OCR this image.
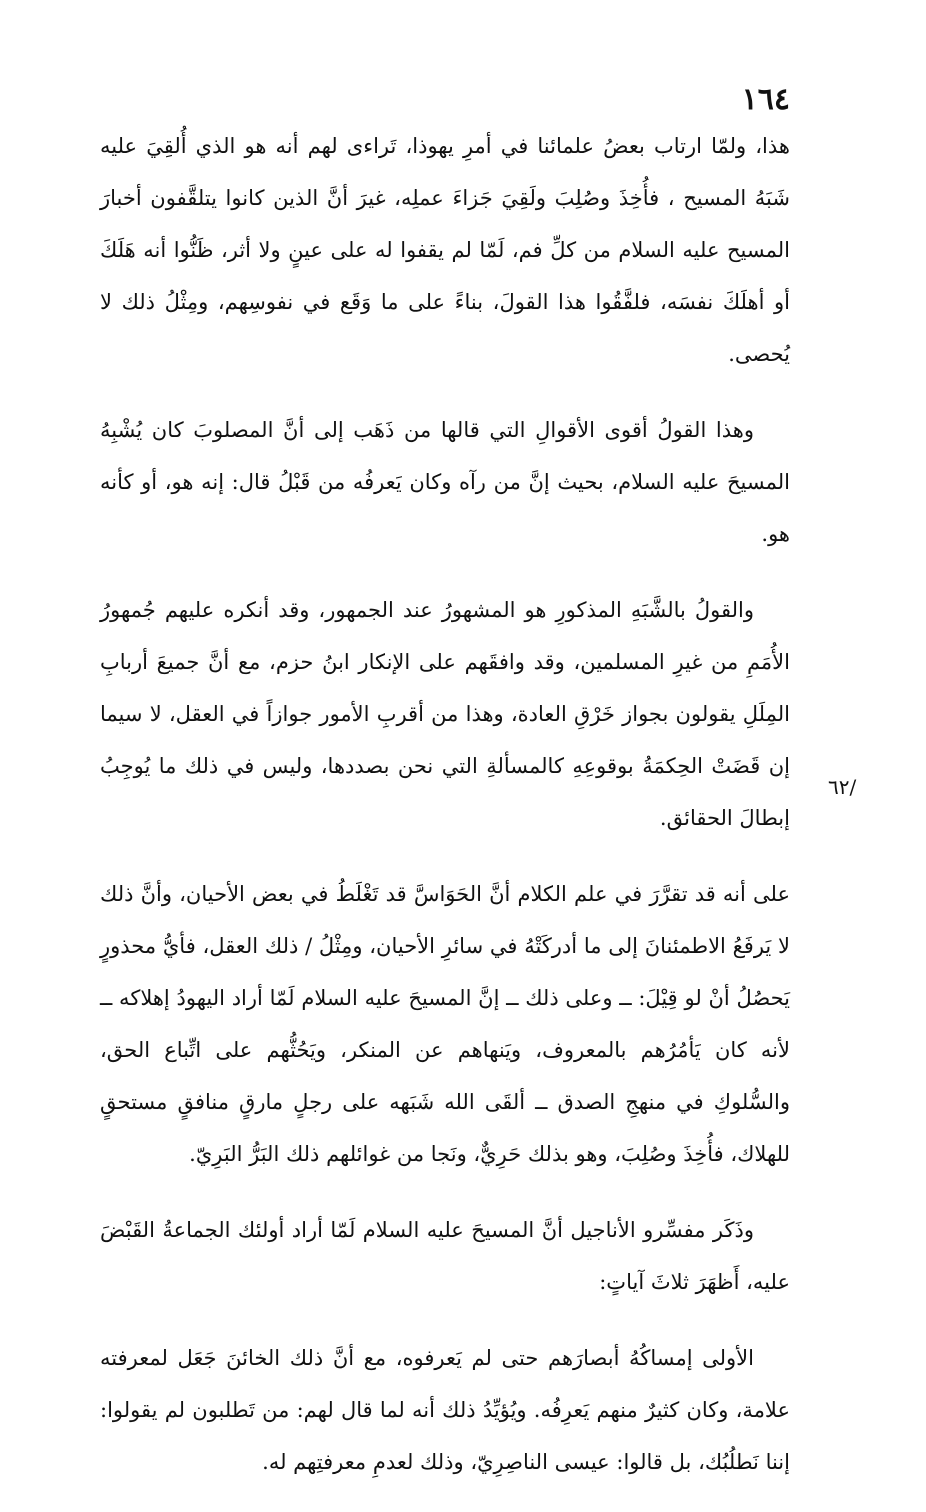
١٦٤
/٦٢

هذا، ولمّا ارتاب بعضُ علمائنا في أمرِ يهوذا، تَراءى لهم أنه هو الذي أُلقِيَ عليه شَبَهُ المسيح ، فأُخِذَ وصُلِبَ ولَقِيَ جَزاءَ عملِه، غيرَ أنَّ الذين كانوا يتلقَّفون أخبارَ المسيح عليه السلام من كلِّ فم، لَمّا لم يقفوا له على عينٍ ولا أثر، ظَنُّوا أنه هَلَكَ أو أهلَكَ نفسَه، فلفَّقُوا هذا القولَ، بناءً على ما وَقَع في نفوسِهم، ومِثْلُ ذلك لا يُحصى.

وهذا القولُ أقوى الأقوالِ التي قالها من ذَهَب إلى أنَّ المصلوبَ كان يُشْبِهُ المسيحَ عليه السلام، بحيث إنَّ من رآه وكان يَعرفُه من قَبْلُ قال: إنه هو، أو كأنه هو.

والقولُ بالشَّبَهِ المذكورِ هو المشهورُ عند الجمهور، وقد أنكره عليهم جُمهورُ الأُمَمِ من غيرِ المسلمين، وقد وافقَهم على الإنكار ابنُ حزم، مع أنَّ جميعَ أربابِ المِلَلِ يقولون بجواز خَرْقِ العادة، وهذا من أقربِ الأمور جوازاً في العقل، لا سيما إن قَضَتْ الحِكمَةُ بوقوعِهِ كالمسألةِ التي نحن بصددها، وليس في ذلك ما يُوجِبُ إبطالَ الحقائق.

على أنه قد تقرَّرَ في علم الكلام أنَّ الحَوَاسَّ قد تَغْلَطُ في بعض الأحيان، وأنَّ ذلك لا يَرفَعُ الاطمئنانَ إلى ما أدركَتْهُ في سائرِ الأحيان، ومِثْلُ / ذلك العقل، فأيُّ محذورٍ يَحصُلُ أنْ لو قِيْلَ: ــ وعلى ذلك ــ إنَّ المسيحَ عليه السلام لَمّا أراد اليهودُ إهلاكه ــ لأنه كان يَأمُرُهم بالمعروف، ويَنهاهم عن المنكر، ويَحُثُّهم على اتِّباع الحق، والسُّلوكِ في منهجِ الصدق ــ ألقَى الله شَبَهه على رجلٍ مارقٍ منافقٍ مستحقٍ للهلاك، فأُخِذَ وصُلِبَ، وهو بذلك حَرِيٌّ، ونَجا من غوائلهم ذلك البَرُّ البَرِيّ.

وذَكَر مفسِّرو الأناجيل أنَّ المسيحَ عليه السلام لَمّا أراد أولئك الجماعةُ القَبْضَ عليه، أَظهَرَ ثلاثَ آياتٍ:

الأولى إمساكُهُ أبصارَهم حتى لم يَعرفوه، مع أنَّ ذلك الخائنَ جَعَل لمعرفته علامة، وكان كثيرٌ منهم يَعرِفُه. ويُؤيِّدُ ذلك أنه لما قال لهم: من تَطلبون لم يقولوا: إننا نَطلُبُك، بل قالوا: عيسى الناصِرِيّ، وذلك لعدمِ معرفتِهم له.
